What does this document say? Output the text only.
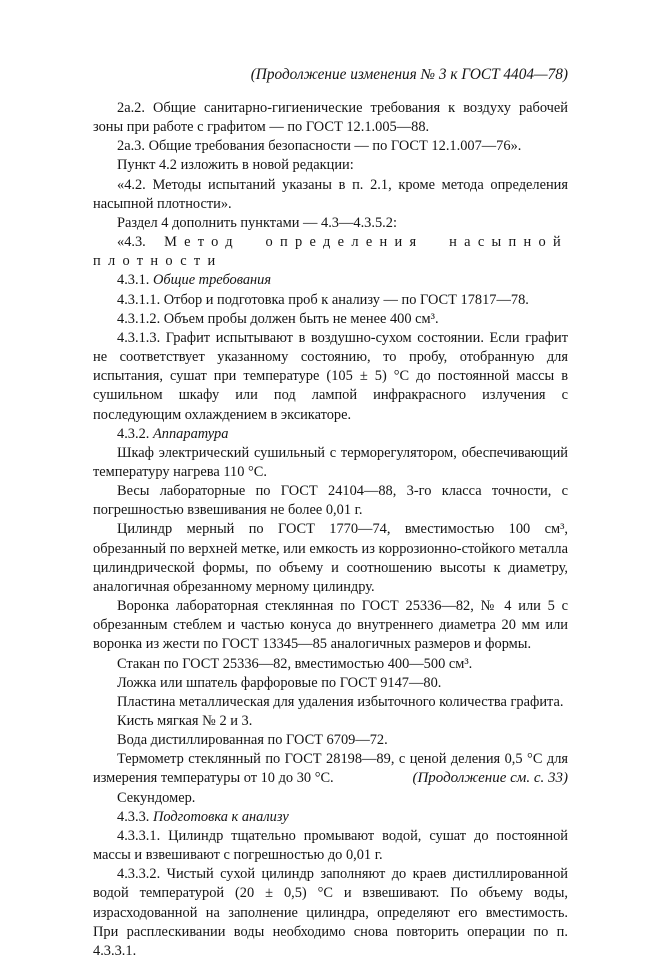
(Продолжение изменения № 3 к ГОСТ 4404—78)

2а.2. Общие санитарно-гигиенические требования к воздуху рабочей зоны при работе с графитом — по ГОСТ 12.1.005—88.

2а.3. Общие требования безопасности — по ГОСТ 12.1.007—76».

Пункт 4.2 изложить в новой редакции:

«4.2. Методы испытаний указаны в п. 2.1, кроме метода определения насыпной плотности».

Раздел 4 дополнить пунктами — 4.3—4.3.5.2:

«4.3. Метод определения насыпной плотности

4.3.1. Общие требования

4.3.1.1. Отбор и подготовка проб к анализу — по ГОСТ 17817—78.

4.3.1.2. Объем пробы должен быть не менее 400 см³.

4.3.1.3. Графит испытывают в воздушно-сухом состоянии. Если графит не соответствует указанному состоянию, то пробу, отобранную для испытания, сушат при температуре (105 ± 5) °С до постоянной массы в сушильном шкафу или под лампой инфракрасного излучения с последующим охлаждением в эксикаторе.

4.3.2. Аппаратура

Шкаф электрический сушильный с терморегулятором, обеспечивающий температуру нагрева 110 °С.

Весы лабораторные по ГОСТ 24104—88, 3-го класса точности, с погрешностью взвешивания не более 0,01 г.

Цилиндр мерный по ГОСТ 1770—74, вместимостью 100 см³, обрезанный по верхней метке, или емкость из коррозионно-стойкого металла цилиндрической формы, по объему и соотношению высоты к диаметру, аналогичная обрезанному мерному цилиндру.

Воронка лабораторная стеклянная по ГОСТ 25336—82, № 4 или 5 с обрезанным стеблем и частью конуса до внутреннего диаметра 20 мм или воронка из жести по ГОСТ 13345—85 аналогичных размеров и формы.

Стакан по ГОСТ 25336—82, вместимостью 400—500 см³.

Ложка или шпатель фарфоровые по ГОСТ 9147—80.

Пластина металлическая для удаления избыточного количества графита.

Кисть мягкая № 2 и 3.

Вода дистиллированная по ГОСТ 6709—72.

Термометр стеклянный по ГОСТ 28198—89, с ценой деления 0,5 °С для измерения температуры от 10 до 30 °С.

Секундомер.

4.3.3. Подготовка к анализу

4.3.3.1. Цилиндр тщательно промывают водой, сушат до постоянной массы и взвешивают с погрешностью до 0,01 г.

4.3.3.2. Чистый сухой цилиндр заполняют до краев дистиллированной водой температурой (20 ± 0,5) °С и взвешивают. По объему воды, израсходованной на заполнение цилиндра, определяют его вместимость. При расплескивании воды необходимо снова повторить операции по п. 4.3.3.1.

(Продолжение см. с. 33)
